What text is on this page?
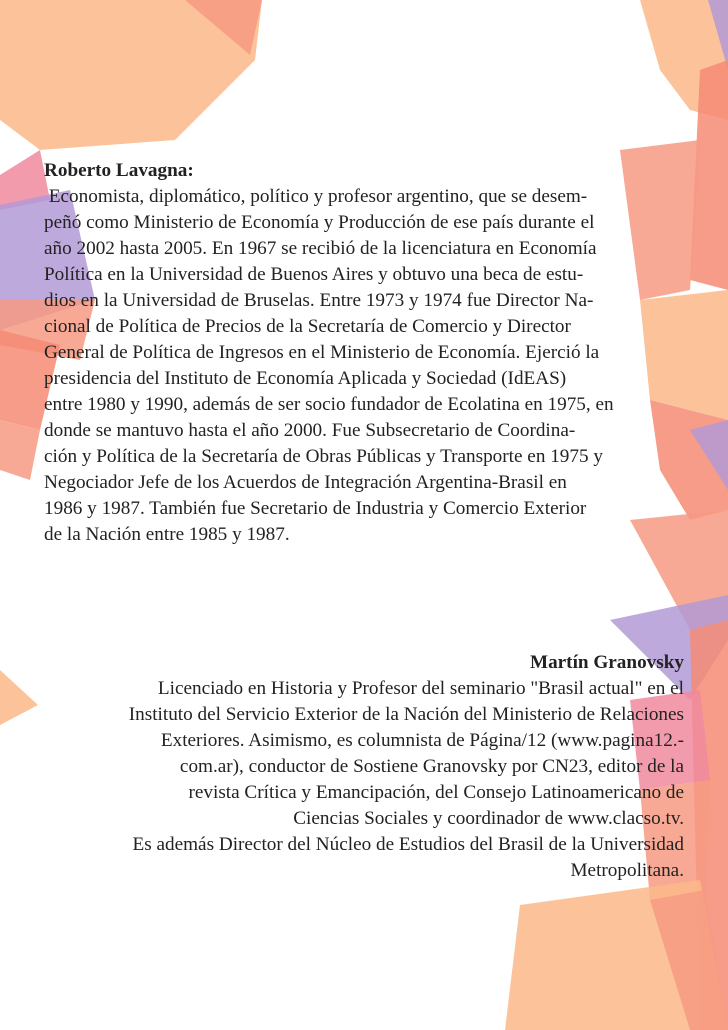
Roberto Lavagna:
Economista, diplomático, político y profesor argentino, que se desem-
peñó como Ministerio de Economía y Producción de ese país durante el
año 2002 hasta 2005. En 1967 se recibió de la licenciatura en Economía
Política en la Universidad de Buenos Aires y obtuvo una beca de estu-
dios en la Universidad de Bruselas. Entre 1973 y 1974 fue Director Na-
cional de Política de Precios de la Secretaría de Comercio y Director
General de Política de Ingresos en el Ministerio de Economía. Ejerció la
presidencia del Instituto de Economía Aplicada y Sociedad (IdEAS)
entre 1980 y 1990, además de ser socio fundador de Ecolatina en 1975, en
donde se mantuvo hasta el año 2000. Fue Subsecretario de Coordina-
ción y Política de la Secretaría de Obras Públicas y Transporte en 1975 y
Negociador Jefe de los Acuerdos de Integración Argentina-Brasil en
1986 y 1987. También fue Secretario de Industria y Comercio Exterior
de la Nación entre 1985 y 1987.
Martín Granovsky
Licenciado en Historia y Profesor del seminario "Brasil actual" en el
Instituto del Servicio Exterior de la Nación del Ministerio de Relaciones
Exteriores. Asimismo, es columnista de Página/12 (www.pagina12.-
com.ar), conductor de Sostiene Granovsky por CN23, editor de la
revista Crítica y Emancipación, del Consejo Latinoamericano de
Ciencias Sociales y coordinador de www.clacso.tv.
Es además Director del Núcleo de Estudios del Brasil de la Universidad
Metropolitana.
